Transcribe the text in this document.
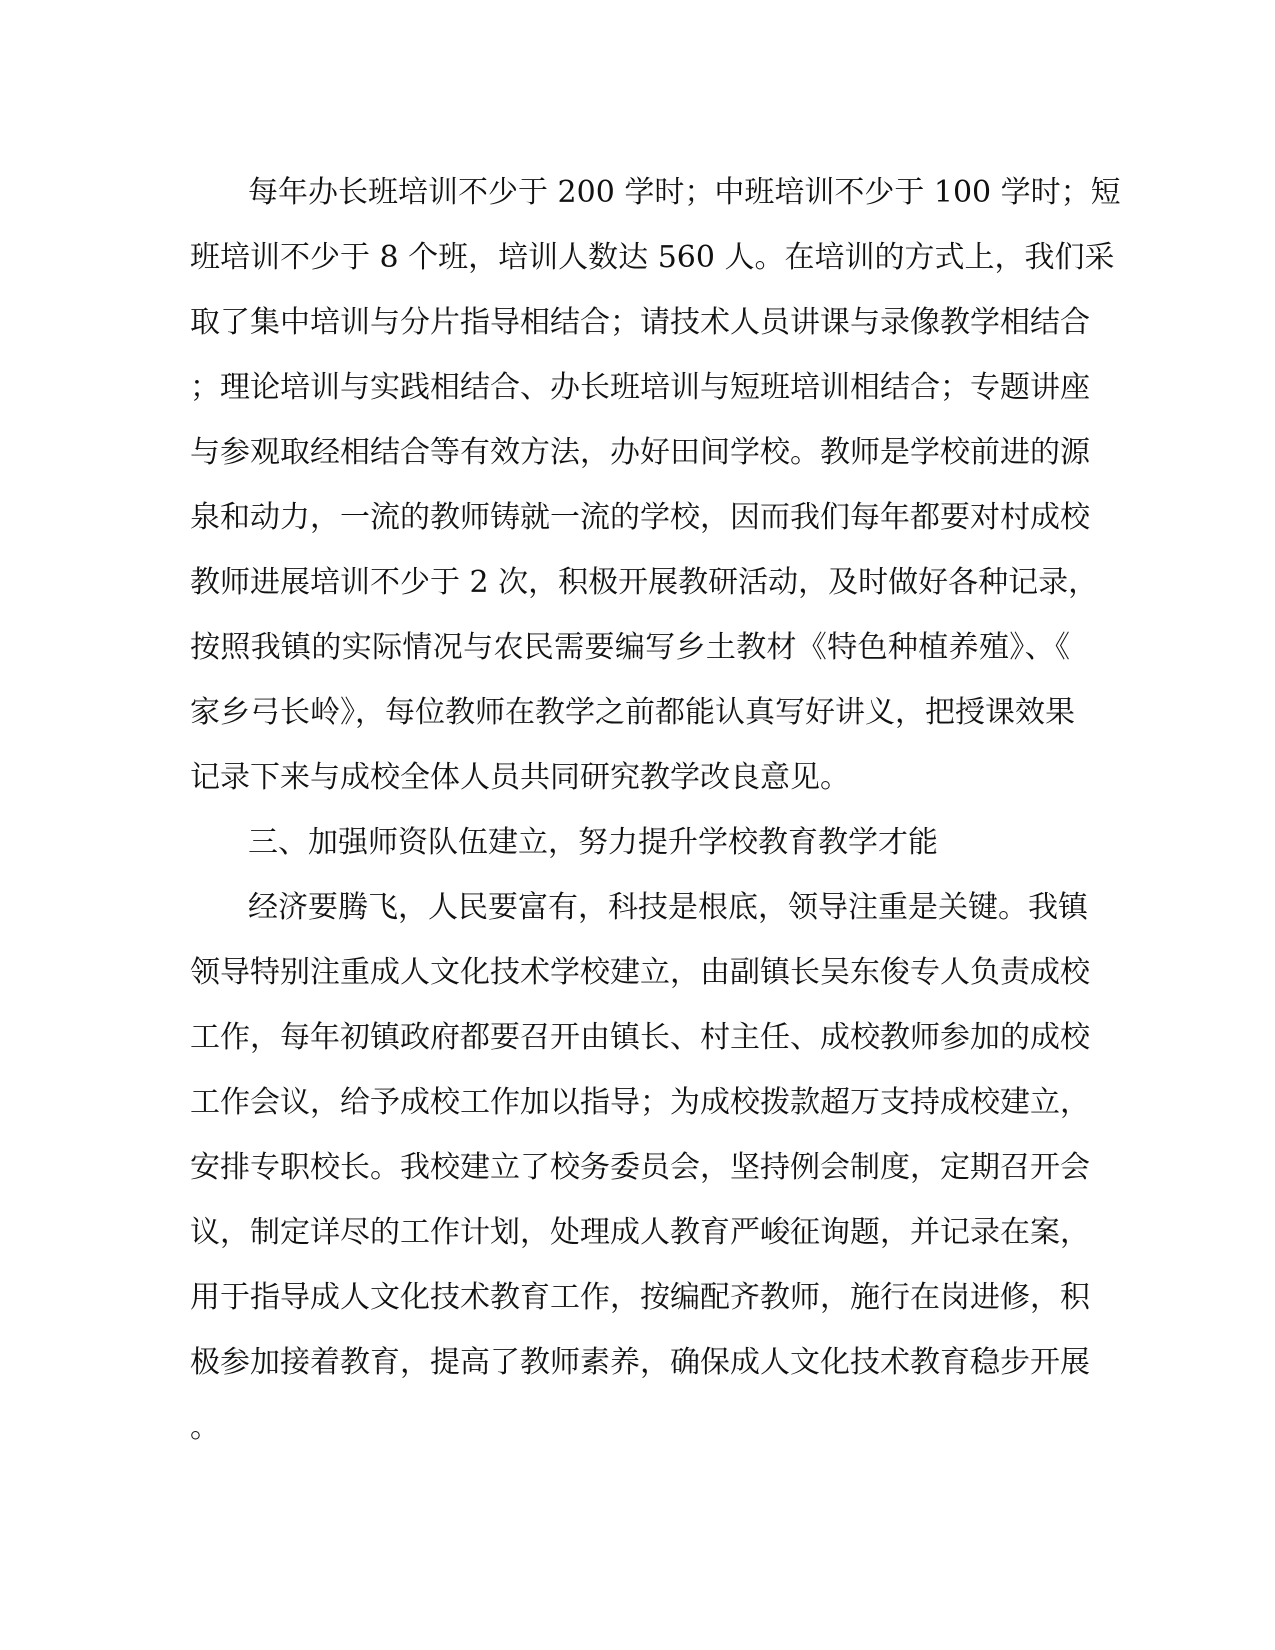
每年办长班培训不少于 200 学时；中班培训不少于 100 学时；短
班培训不少于 8 个班，培训人数达 560 人。在培训的方式上，我们采
取了集中培训与分片指导相结合；请技术人员讲课与录像教学相结合
；理论培训与实践相结合、办长班培训与短班培训相结合；专题讲座
与参观取经相结合等有效方法，办好田间学校。教师是学校前进的源
泉和动力，一流的教师铸就一流的学校，因而我们每年都要对村成校
教师进展培训不少于 2 次，积极开展教研活动，及时做好各种记录，
按照我镇的实际情况与农民需要编写乡土教材《特色种植养殖》、《
家乡弓长岭》，每位教师在教学之前都能认真写好讲义，把授课效果
记录下来与成校全体人员共同研究教学改良意见。
三、加强师资队伍建立，努力提升学校教育教学才能
经济要腾飞，人民要富有，科技是根底，领导注重是关键。我镇
领导特别注重成人文化技术学校建立，由副镇长吴东俊专人负责成校
工作，每年初镇政府都要召开由镇长、村主任、成校教师参加的成校
工作会议，给予成校工作加以指导；为成校拨款超万支持成校建立，
安排专职校长。我校建立了校务委员会，坚持例会制度，定期召开会
议，制定详尽的工作计划，处理成人教育严峻征询题，并记录在案，
用于指导成人文化技术教育工作，按编配齐教师，施行在岗进修，积
极参加接着教育，提高了教师素养，确保成人文化技术教育稳步开展
。
